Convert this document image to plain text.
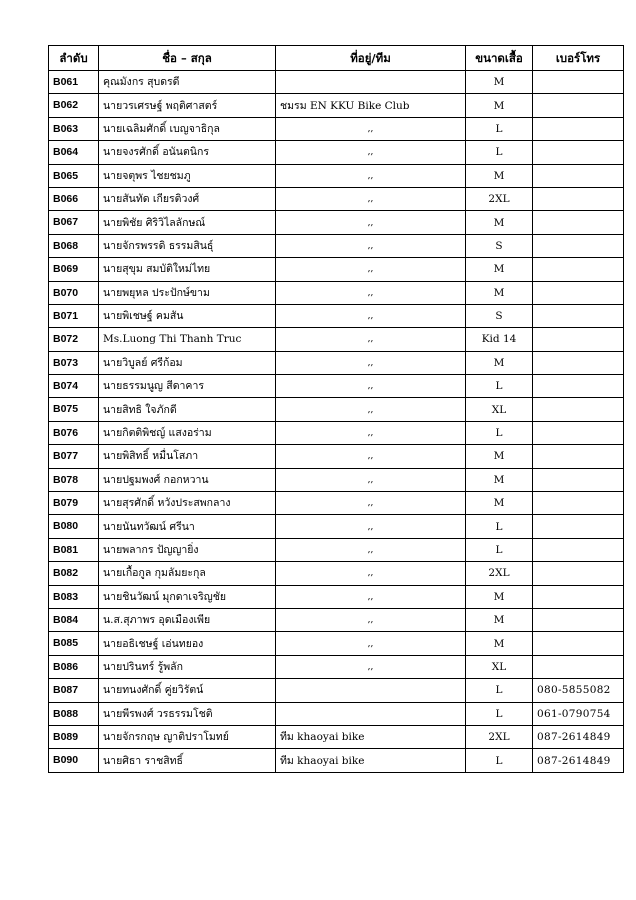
ลำดับ	ชื่อ – สกุล	ที่อยู่/ทีม	ขนาดเสื้อ	เบอร์โทร
B061	คุณมังกร สุบดรดี		M	
B062	นายวรเศรษฐ์ พฤติศาสตร์	ชมรม EN KKU Bike Club	M	
B063	นายเฉลิมศักดิ์ เบญจาธิกุล	,,	L	
B064	นายจงรศักดิ์ อนันตนิกร	,,	L	
B065	นายจตุพร ไชยชมภู	,,	M	
B066	นายสันทัด เกียรติวงศ์	,,	2XL	
B067	นายพิชัย ศิริวิไลลักษณ์	,,	M	
B068	นายจักรพรรดิ ธรรมสินธุ์	,,	S	
B069	นายสุขุม สมบัติใหม่ไทย	,,	M	
B070	นายพยุหล ประปักษ์ขาม	,,	M	
B071	นายพิเชษฐ์ คมสัน	,,	S	
B072	Ms.Luong Thi Thanh Truc	,,	Kid 14	
B073	นายวิบูลย์ ศรีก้อม	,,	M	
B074	นายธรรมนูญ สีดาคาร	,,	L	
B075	นายสิทธิ ใจภักดี	,,	XL	
B076	นายกิตติพิชญ์ แสงอร่าม	,,	L	
B077	นายพิสิทธิ์ หมื่นโสภา	,,	M	
B078	นายปฐมพงศ์ กอกหวาน	,,	M	
B079	นายสุรศักดิ์ หวังประสพกลาง	,,	M	
B080	นายนันทวัฒน์ ศรีนา	,,	L	
B081	นายพลากร ปัญญายิ่ง	,,	L	
B082	นายเกื้อกูล กุมลัมยะกุล	,,	2XL	
B083	นายชินวัฒน์ มุกดาเจริญชัย	,,	M	
B084	น.ส.สุภาพร อุดเมืองเพีย	,,	M	
B085	นายอธิเชษฐ์ เอ่นทยอง	,,	M	
B086	นายปรินทร์ รู้พลัก	,,	XL	
B087	นายทนงศักดิ์ คู่ยวิรัตน์		L	080-5855082
B088	นายพีรพงศ์ วรธรรมโชติ		L	061-0790754
B089	นายจักรกฤษ ญาติปราโมทย์	ทีม khaoyai bike	2XL	087-2614849
B090	นายศิธา ราชสิทธิ์	ทีม khaoyai bike	L	087-2614849
